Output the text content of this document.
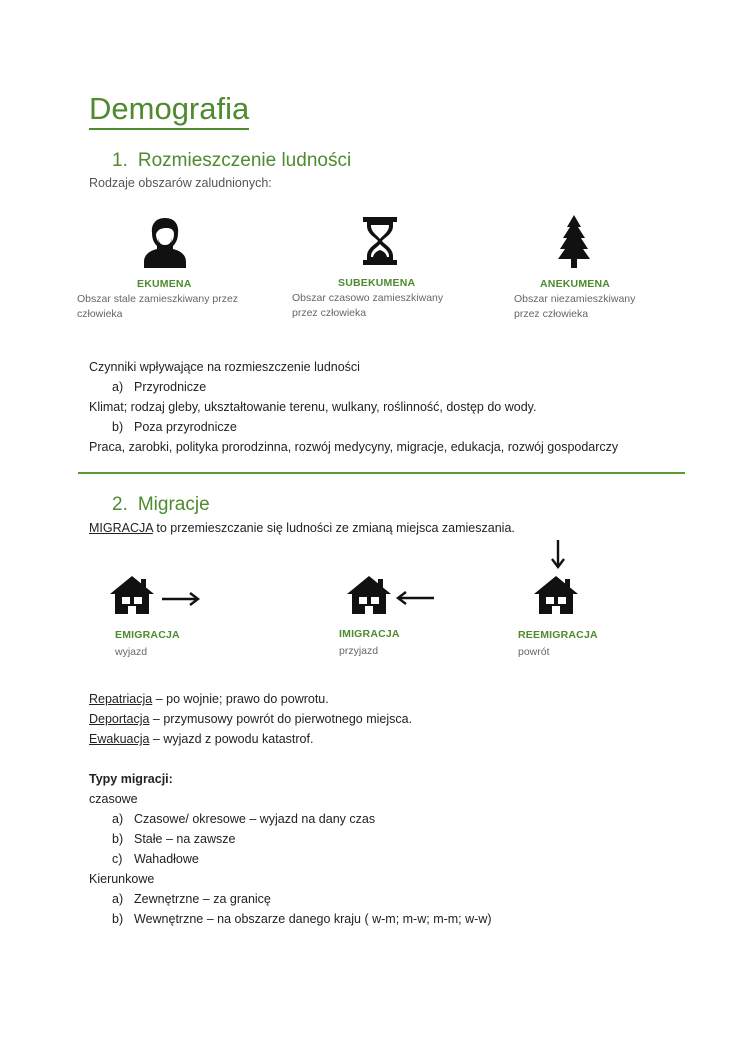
Demografia
1. Rozmieszczenie ludności
Rodzaje obszarów zaludnionych:
EKUMENA
Obszar stale zamieszkiwany przez
człowieka
SUBEKUMENA
Obszar czasowo zamieszkiwany
przez człowieka
ANEKUMENA
Obszar niezamieszkiwany
przez człowieka
Czynniki wpływające na rozmieszczenie ludności
a) Przyrodnicze
Klimat; rodzaj gleby, ukształtowanie terenu, wulkany, roślinność, dostęp do wody.
b) Poza przyrodnicze
Praca, zarobki, polityka prorodzinna, rozwój medycyny, migracje, edukacja, rozwój gospodarczy
2. Migracje
MIGRACJA to przemieszczanie się ludności ze zmianą miejsca zamieszania.
EMIGRACJA
wyjazd
IMIGRACJA
przyjazd
REEMIGRACJA
powrót
Repatriacja – po wojnie; prawo do powrotu.
Deportacja – przymusowy powrót do pierwotnego miejsca.
Ewakuacja – wyjazd z powodu katastrof.
Typy migracji:
czasowe
a) Czasowe/ okresowe – wyjazd na dany czas
b) Stałe – na zawsze
c) Wahadłowe
Kierunkowe
a) Zewnętrzne – za granicę
b) Wewnętrzne – na obszarze danego kraju ( w-m; m-w; m-m; w-w)
